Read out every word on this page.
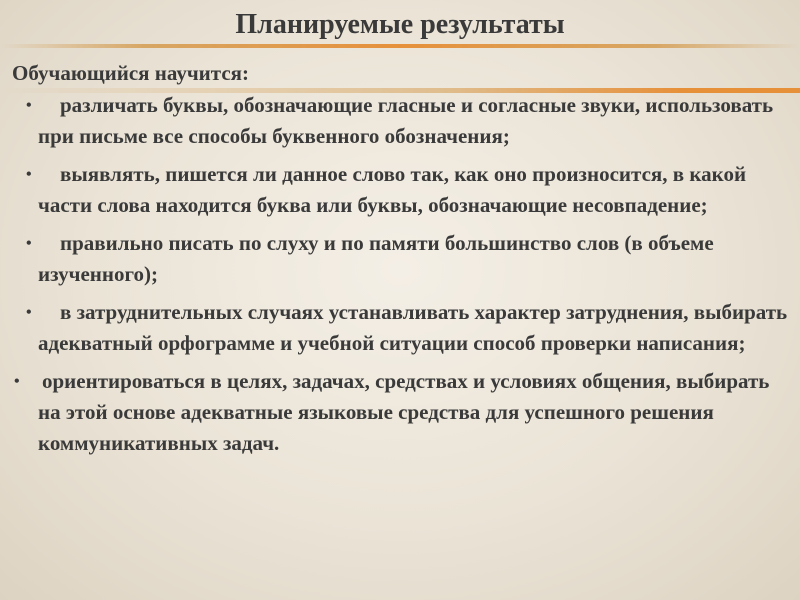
Планируемые результаты
Обучающийся научится:
• различать буквы, обозначающие гласные и согласные звуки, использовать при письме все способы буквенного обозначения;
• выявлять, пишется ли данное слово так, как оно произносится, в какой части слова находится буква или буквы, обозначающие несовпадение;
• правильно писать по слуху и по памяти большинство слов (в объеме изученного);
• в затруднительных случаях устанавливать характер затруднения, выбирать адекватный орфограмме и учебной ситуации способ проверки написания;
• ориентироваться в целях, задачах, средствах и условиях общения, выбирать на этой основе адекватные языковые средства для успешного решения коммуникативных задач.
